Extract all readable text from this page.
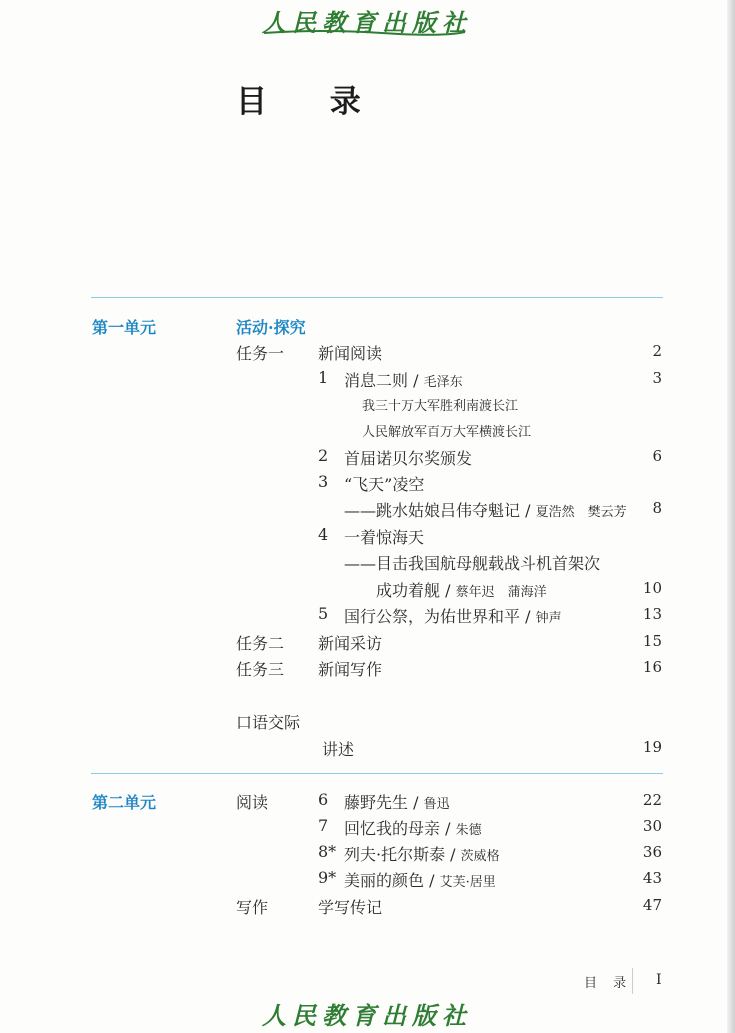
人民教育出版社
目 录
第一单元	活动·探究
任务一 新闻阅读	2
1 消息二则 / 毛泽东	3
我三十万大军胜利南渡长江
人民解放军百万大军横渡长江
2 首届诺贝尔奖颁发	6
3 “飞天”凌空
——跳水姑娘吕伟夺魁记 / 夏浩然　樊云芳	8
4 一着惊海天
——目击我国航母舰载战斗机首架次
成功着舰 / 蔡年迟　蒲海洋	10
5 国行公祭，为佑世界和平 / 钟声	13
任务二 新闻采访	15
任务三 新闻写作	16
口语交际
讲述	19
第二单元	阅读	6 藤野先生 / 鲁迅	22
7 回忆我的母亲 / 朱德	30
8* 列夫·托尔斯泰 / 茨威格	36
9* 美丽的颜色 / 艾芙·居里	43
写作	学写传记	47
目 录 I
人民教育出版社
